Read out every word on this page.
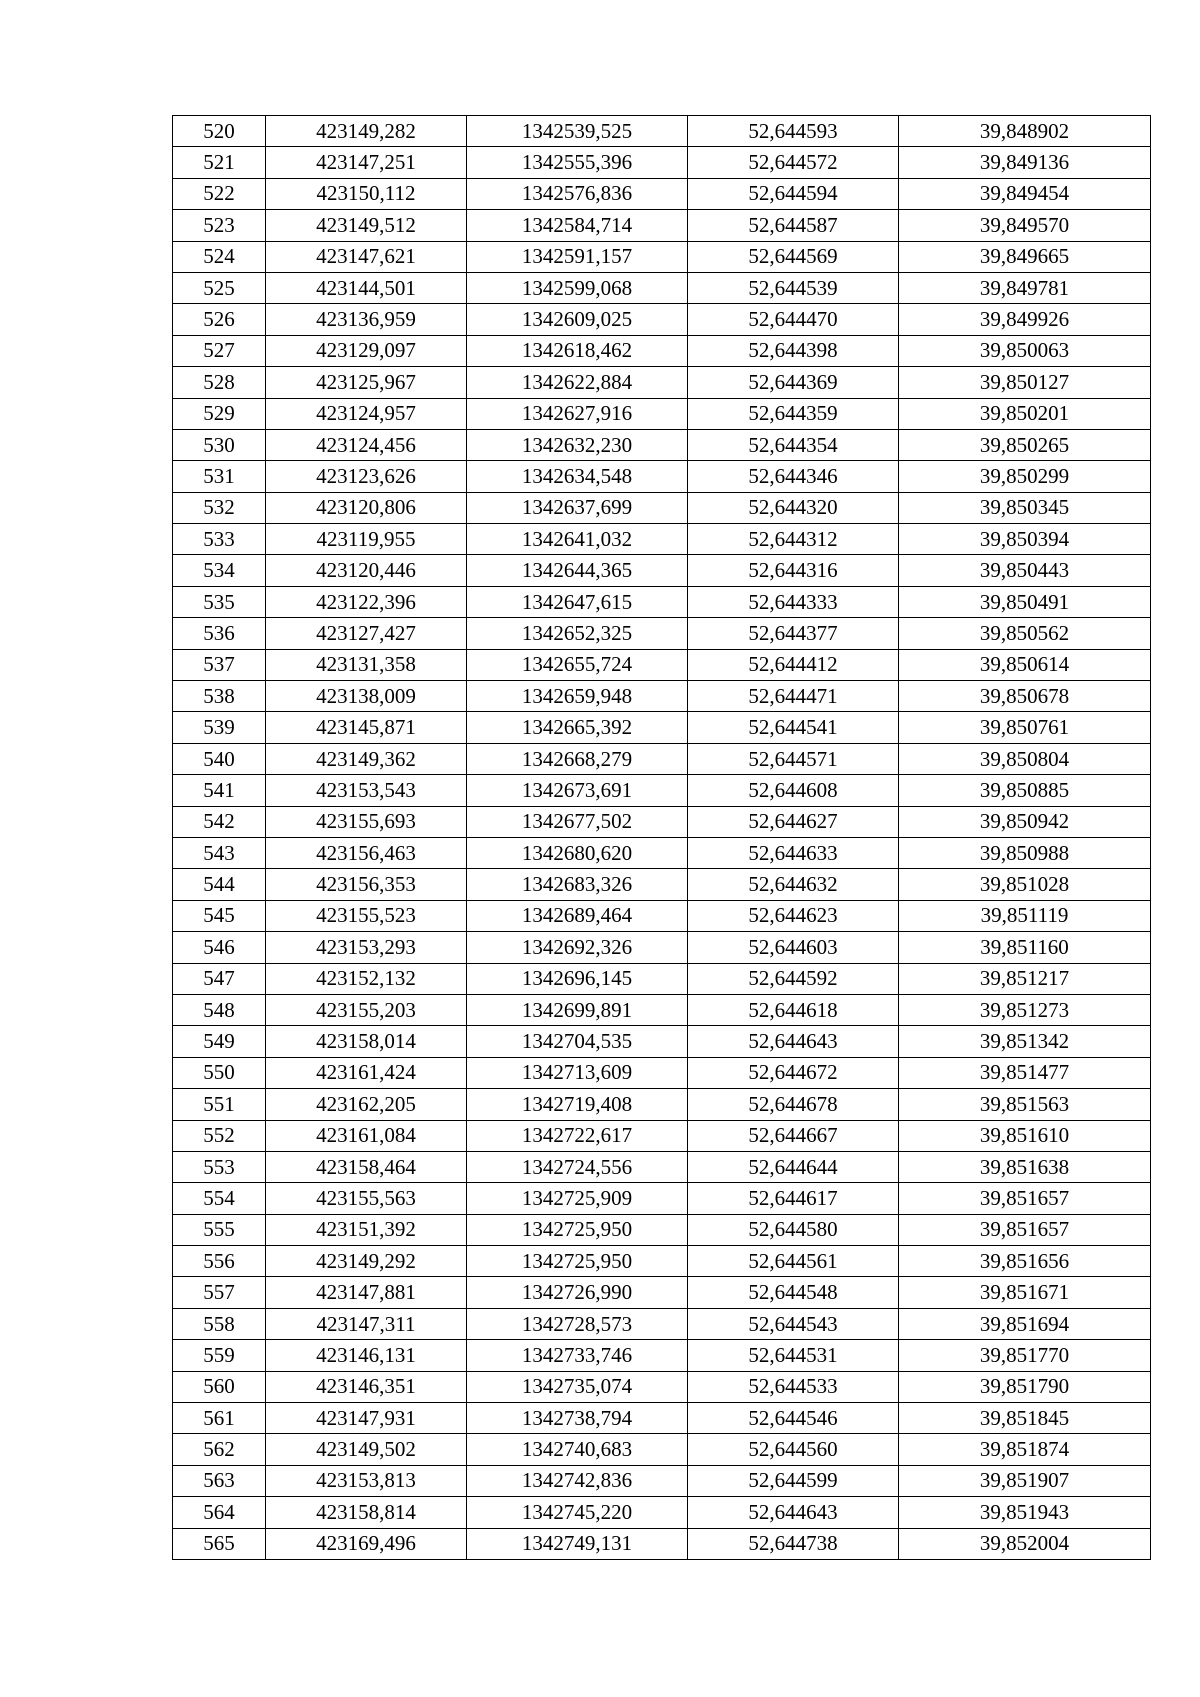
520	423149,282	1342539,525	52,644593	39,848902
521	423147,251	1342555,396	52,644572	39,849136
522	423150,112	1342576,836	52,644594	39,849454
523	423149,512	1342584,714	52,644587	39,849570
524	423147,621	1342591,157	52,644569	39,849665
525	423144,501	1342599,068	52,644539	39,849781
526	423136,959	1342609,025	52,644470	39,849926
527	423129,097	1342618,462	52,644398	39,850063
528	423125,967	1342622,884	52,644369	39,850127
529	423124,957	1342627,916	52,644359	39,850201
530	423124,456	1342632,230	52,644354	39,850265
531	423123,626	1342634,548	52,644346	39,850299
532	423120,806	1342637,699	52,644320	39,850345
533	423119,955	1342641,032	52,644312	39,850394
534	423120,446	1342644,365	52,644316	39,850443
535	423122,396	1342647,615	52,644333	39,850491
536	423127,427	1342652,325	52,644377	39,850562
537	423131,358	1342655,724	52,644412	39,850614
538	423138,009	1342659,948	52,644471	39,850678
539	423145,871	1342665,392	52,644541	39,850761
540	423149,362	1342668,279	52,644571	39,850804
541	423153,543	1342673,691	52,644608	39,850885
542	423155,693	1342677,502	52,644627	39,850942
543	423156,463	1342680,620	52,644633	39,850988
544	423156,353	1342683,326	52,644632	39,851028
545	423155,523	1342689,464	52,644623	39,851119
546	423153,293	1342692,326	52,644603	39,851160
547	423152,132	1342696,145	52,644592	39,851217
548	423155,203	1342699,891	52,644618	39,851273
549	423158,014	1342704,535	52,644643	39,851342
550	423161,424	1342713,609	52,644672	39,851477
551	423162,205	1342719,408	52,644678	39,851563
552	423161,084	1342722,617	52,644667	39,851610
553	423158,464	1342724,556	52,644644	39,851638
554	423155,563	1342725,909	52,644617	39,851657
555	423151,392	1342725,950	52,644580	39,851657
556	423149,292	1342725,950	52,644561	39,851656
557	423147,881	1342726,990	52,644548	39,851671
558	423147,311	1342728,573	52,644543	39,851694
559	423146,131	1342733,746	52,644531	39,851770
560	423146,351	1342735,074	52,644533	39,851790
561	423147,931	1342738,794	52,644546	39,851845
562	423149,502	1342740,683	52,644560	39,851874
563	423153,813	1342742,836	52,644599	39,851907
564	423158,814	1342745,220	52,644643	39,851943
565	423169,496	1342749,131	52,644738	39,852004
